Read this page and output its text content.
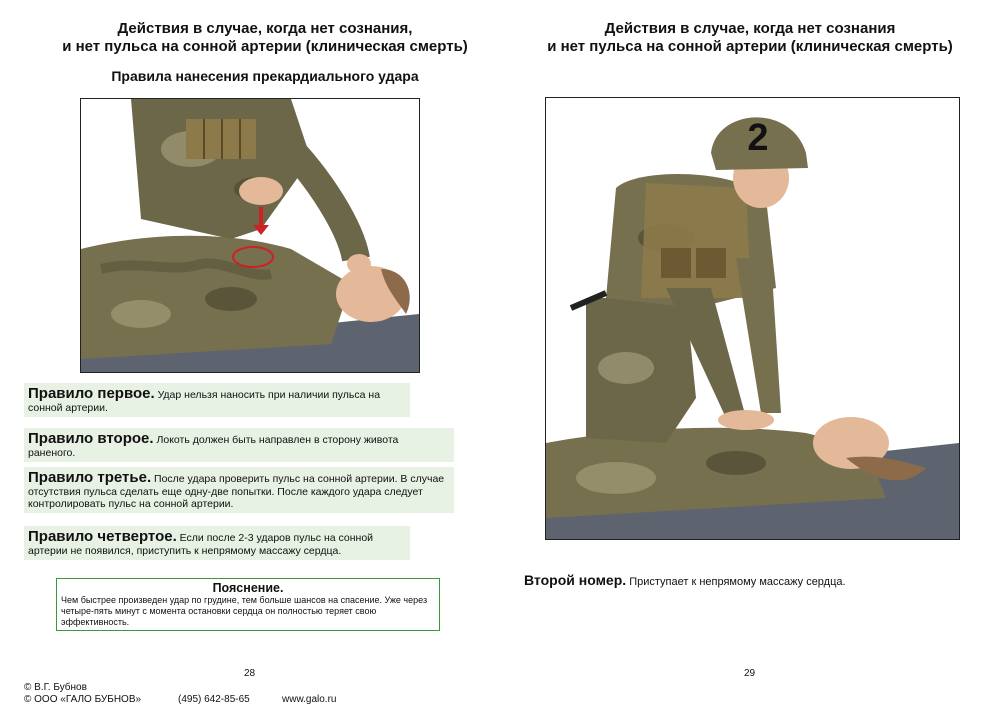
Действия в случае, когда нет сознания,
и нет пульса на сонной артерии (клиническая смерть)
Правила нанесения прекардиального удара
Правило первое. Удар нельзя наносить при наличии пульса на сонной артерии.
Правило второе. Локоть должен быть направлен в сторону живота раненого.
Правило третье. После удара проверить пульс на сонной артерии. В случае отсутствия пульса сделать еще одну-две попытки. После каждого удара следует контролировать пульс на сонной артерии.
Правило четвертое. Если после 2-3 ударов пульс на сонной артерии не появился, приступить к непрямому массажу сердца.
Пояснение.
Чем быстрее произведен удар по грудине, тем больше шансов на спасение. Уже через четыре-пять минут с момента остановки сердца он полностью теряет свою эффективность.
28
© В.Г. Бубнов
© ООО «ГАЛО БУБНОВ»	(495) 642-85-65	www.galo.ru
Действия в случае, когда нет сознания
и нет пульса на сонной артерии (клиническая смерть)
2
Второй номер. Приступает к непрямому массажу сердца.
29
